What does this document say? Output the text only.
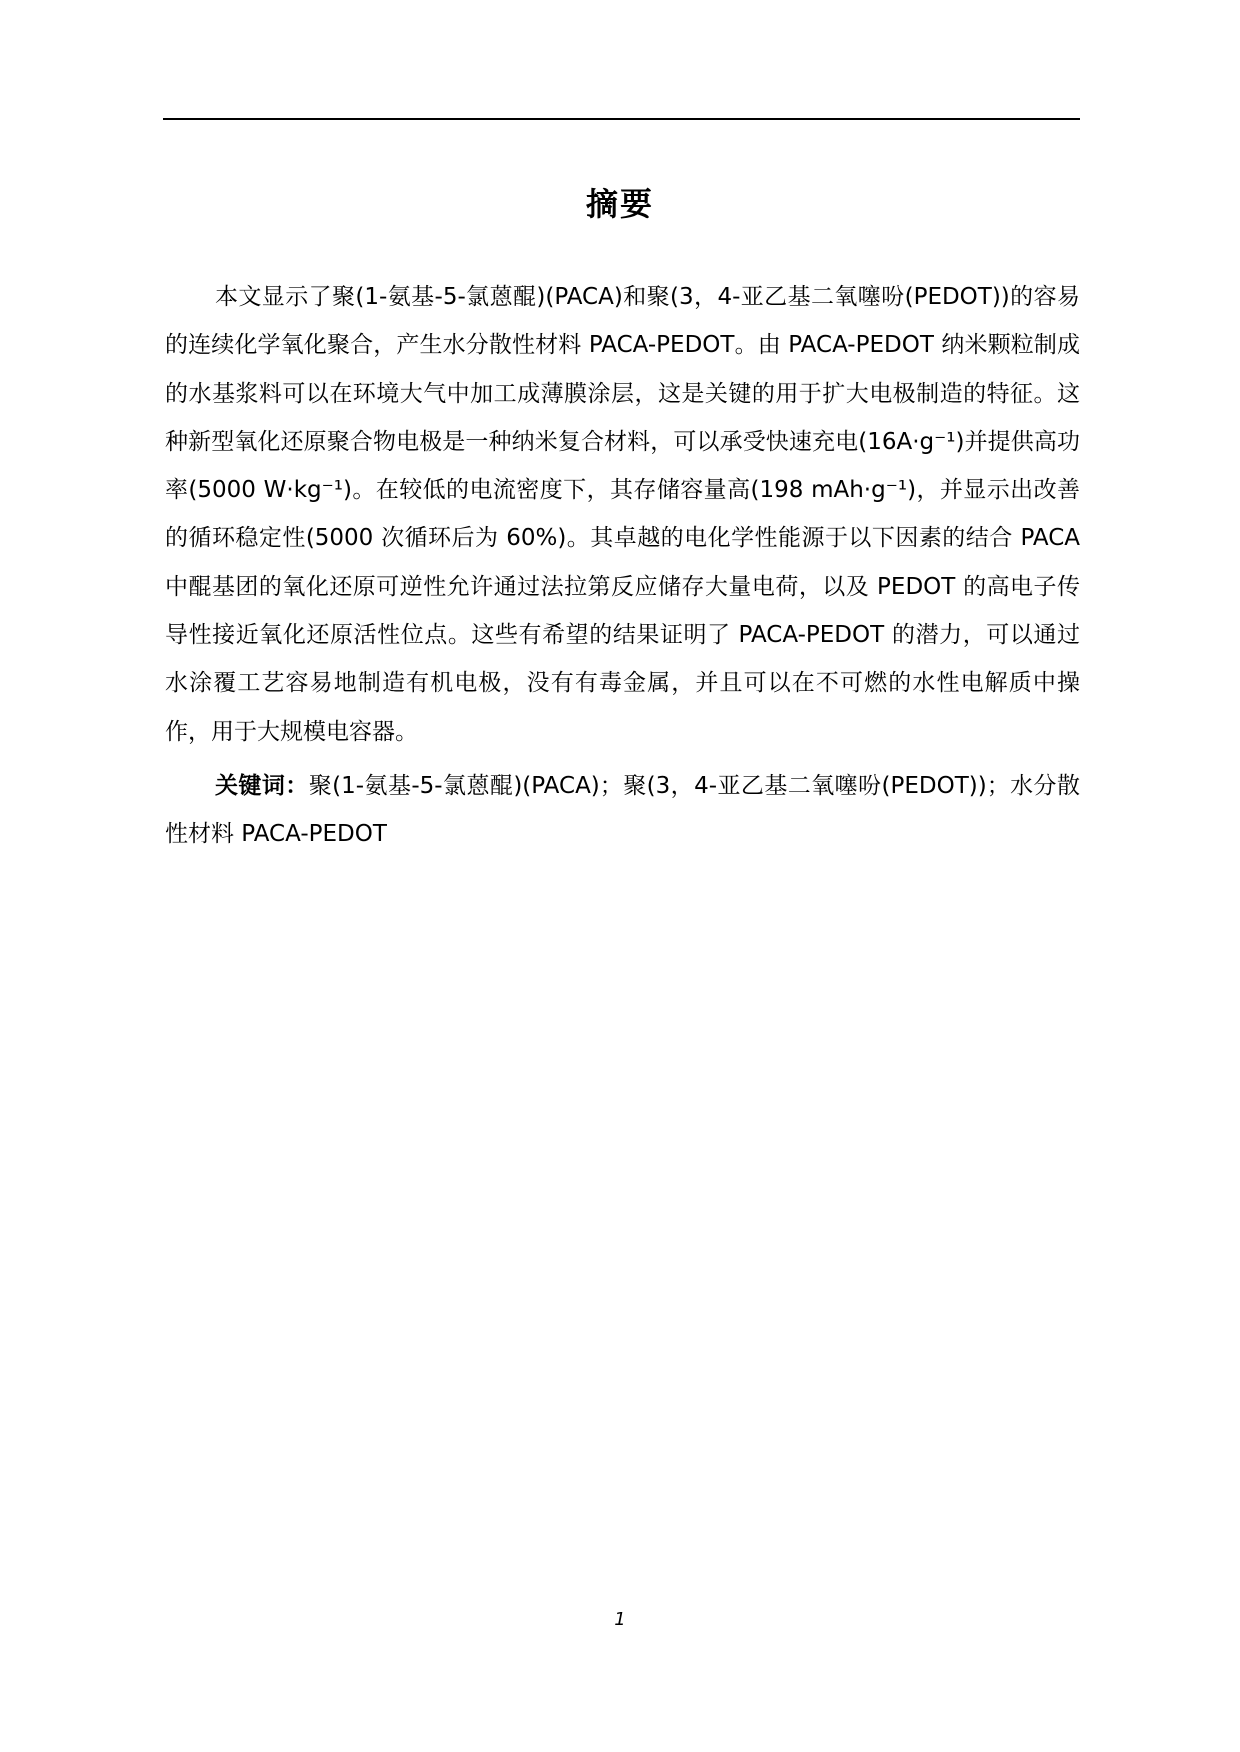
摘要

本文显示了聚(1-氨基-5-氯蒽醌)(PACA)和聚(3，4-亚乙基二氧噻吩(PEDOT))的容易的连续化学氧化聚合，产生水分散性材料 PACA-PEDOT。由 PACA-PEDOT 纳米颗粒制成的水基浆料可以在环境大气中加工成薄膜涂层，这是关键的用于扩大电极制造的特征。这种新型氧化还原聚合物电极是一种纳米复合材料，可以承受快速充电(16A·g⁻¹)并提供高功率(5000 W·kg⁻¹)。在较低的电流密度下，其存储容量高(198 mAh·g⁻¹)，并显示出改善的循环稳定性(5000 次循环后为 60%)。其卓越的电化学性能源于以下因素的结合 PACA 中醌基团的氧化还原可逆性允许通过法拉第反应储存大量电荷，以及 PEDOT 的高电子传导性接近氧化还原活性位点。这些有希望的结果证明了 PACA-PEDOT 的潜力，可以通过水涂覆工艺容易地制造有机电极，没有有毒金属，并且可以在不可燃的水性电解质中操作，用于大规模电容器。

关键词：聚(1-氨基-5-氯蒽醌)(PACA)；聚(3，4-亚乙基二氧噻吩(PEDOT))；水分散性材料 PACA-PEDOT

1
